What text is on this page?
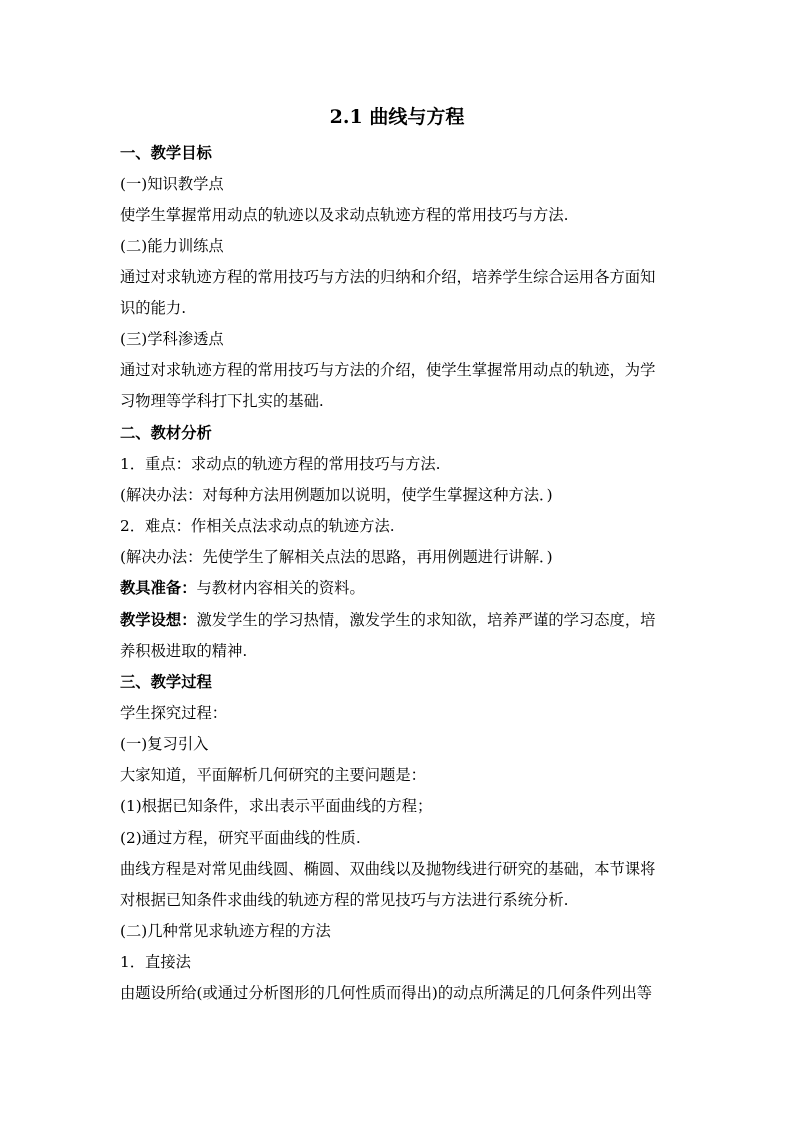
2.1 曲线与方程
一、教学目标
(一)知识教学点
使学生掌握常用动点的轨迹以及求动点轨迹方程的常用技巧与方法.
(二)能力训练点
通过对求轨迹方程的常用技巧与方法的归纳和介绍，培养学生综合运用各方面知
识的能力.
(三)学科渗透点
通过对求轨迹方程的常用技巧与方法的介绍，使学生掌握常用动点的轨迹，为学
习物理等学科打下扎实的基础.
二、教材分析
1．重点：求动点的轨迹方程的常用技巧与方法.
(解决办法：对每种方法用例题加以说明，使学生掌握这种方法．)
2．难点：作相关点法求动点的轨迹方法.
(解决办法：先使学生了解相关点法的思路，再用例题进行讲解．)
教具准备：与教材内容相关的资料。
教学设想：激发学生的学习热情，激发学生的求知欲，培养严谨的学习态度，培
养积极进取的精神.
三、教学过程
学生探究过程：
(一)复习引入
大家知道，平面解析几何研究的主要问题是：
(1)根据已知条件，求出表示平面曲线的方程；
(2)通过方程，研究平面曲线的性质.
曲线方程是对常见曲线圆、椭圆、双曲线以及抛物线进行研究的基础，本节课将
对根据已知条件求曲线的轨迹方程的常见技巧与方法进行系统分析.
(二)几种常见求轨迹方程的方法
1．直接法
由题设所给(或通过分析图形的几何性质而得出)的动点所满足的几何条件列出等
